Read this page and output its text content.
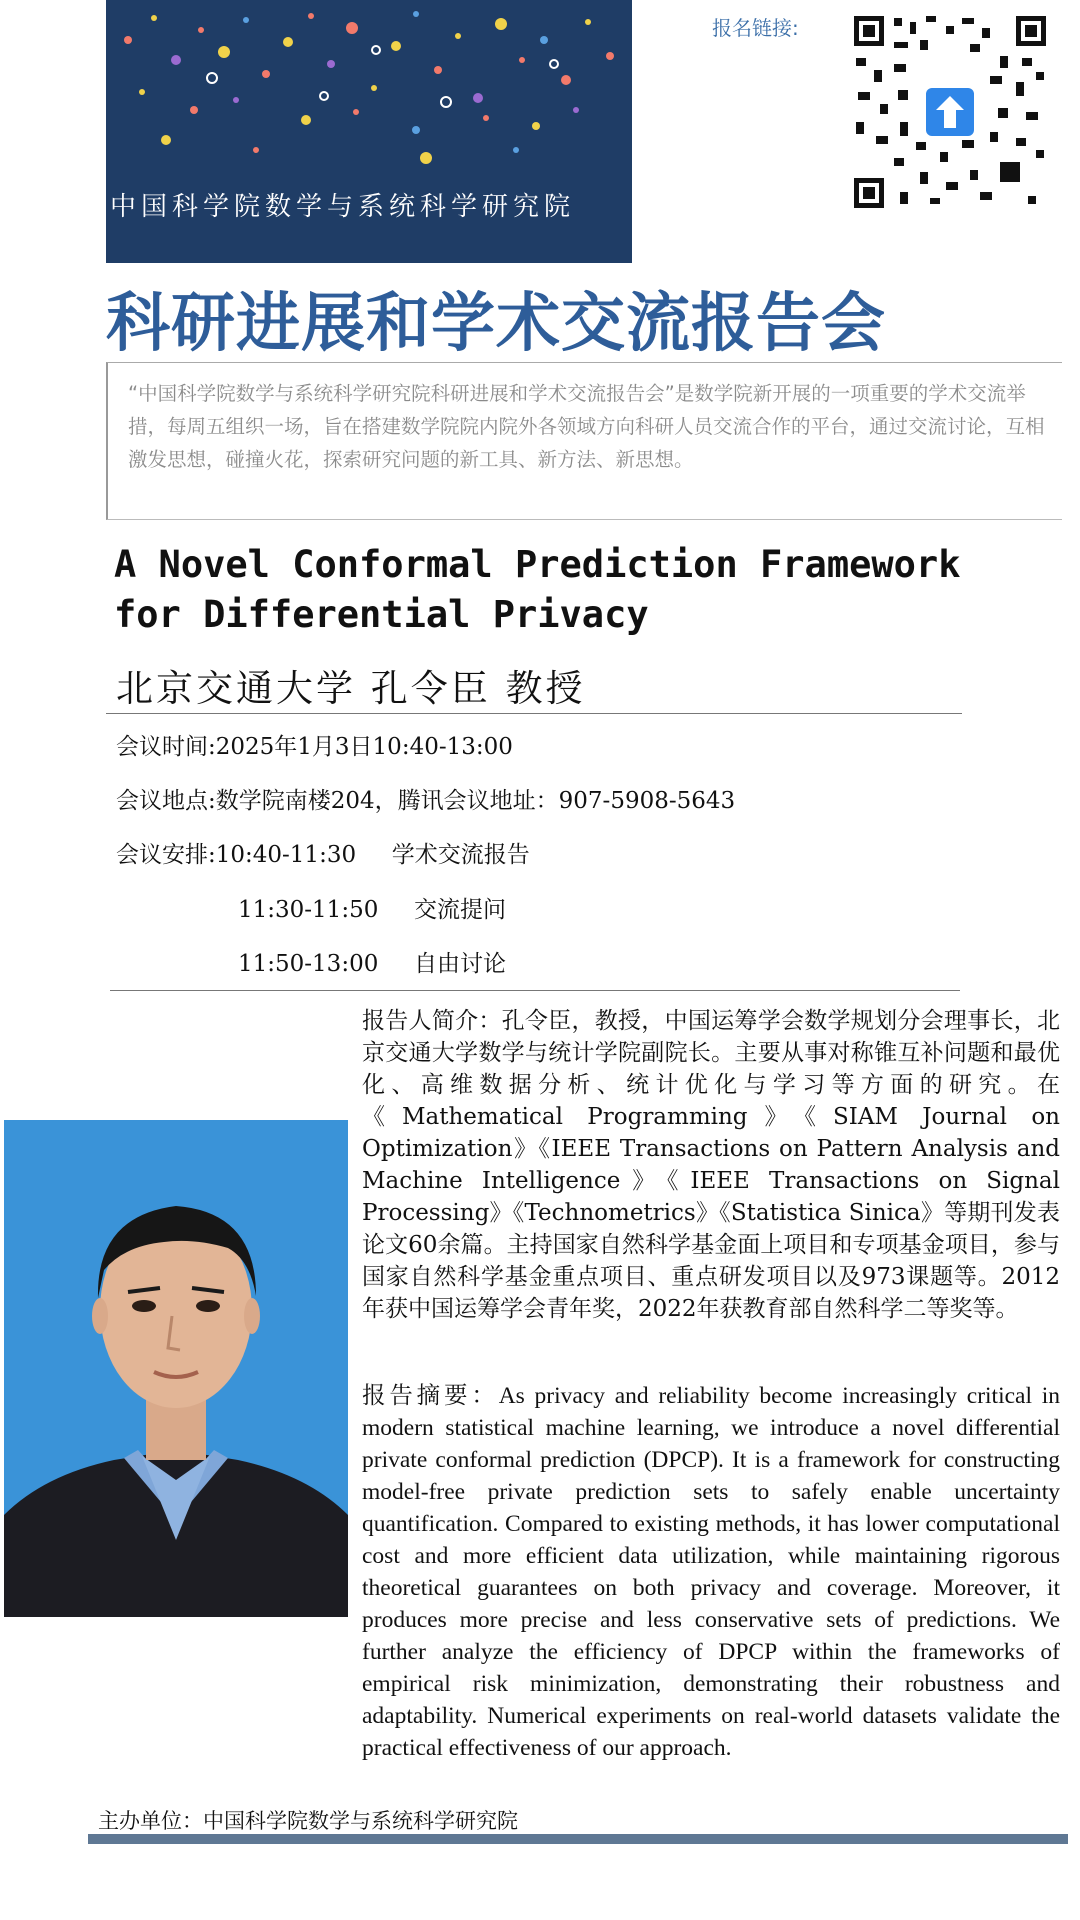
中国科学院数学与系统科学研究院
报名链接:
科研进展和学术交流报告会
“中国科学院数学与系统科学研究院科研进展和学术交流报告会”是数学院新开展的一项重要的学术交流举措，每周五组织一场，旨在搭建数学院院内院外各领域方向科研人员交流合作的平台，通过交流讨论，互相激发思想，碰撞火花，探索研究问题的新工具、新方法、新思想。
A Novel Conformal Prediction Framework
for Differential Privacy
北京交通大学 孔令臣 教授
会议时间:2025年1月3日10:40-13:00
会议地点:数学院南楼204，腾讯会议地址：907-5908-5643
会议安排:10:40-11:30 学术交流报告
11:30-11:50 交流提问
11:50-13:00 自由讨论
报告人简介：孔令臣，教授，中国运筹学会数学规划分会理事长，北京交通大学数学与统计学院副院长。主要从事对称锥互补问题和最优化、高维数据分析、统计优化与学习等方面的研究。在《Mathematical Programming》《SIAM Journal on Optimization》《IEEE Transactions on Pattern Analysis and Machine Intelligence》《IEEE Transactions on Signal Processing》《Technometrics》《Statistica Sinica》等期刊发表论文60余篇。主持国家自然科学基金面上项目和专项基金项目，参与国家自然科学基金重点项目、重点研发项目以及973课题等。2012年获中国运筹学会青年奖，2022年获教育部自然科学二等奖等。
报告摘要：As privacy and reliability become increasingly critical in modern statistical machine learning, we introduce a novel differential private conformal prediction (DPCP). It is a framework for constructing model-free private prediction sets to safely enable uncertainty quantification. Compared to existing methods, it has lower computational cost and more efficient data utilization, while maintaining rigorous theoretical guarantees on both privacy and coverage. Moreover, it produces more precise and less conservative sets of predictions. We further analyze the efficiency of DPCP within the frameworks of empirical risk minimization, demonstrating their robustness and adaptability. Numerical experiments on real-world datasets validate the practical effectiveness of our approach.
主办单位：中国科学院数学与系统科学研究院
